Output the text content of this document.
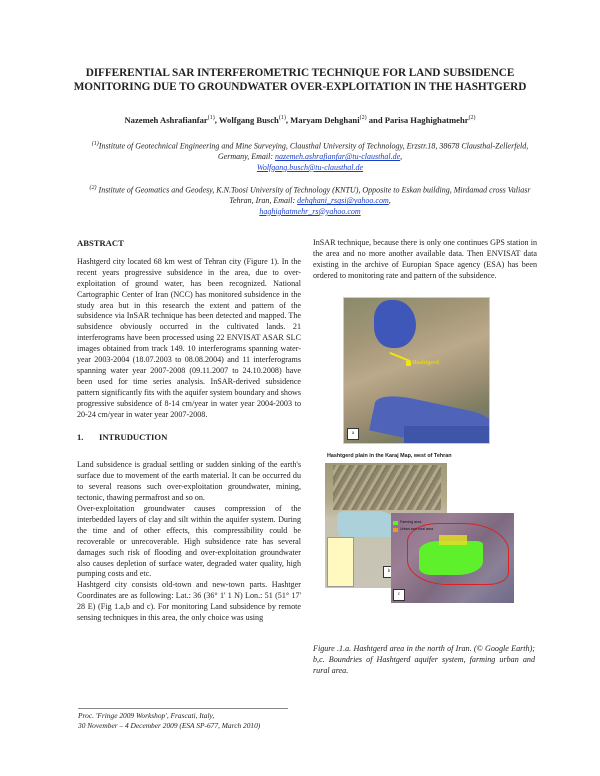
DIFFERENTIAL SAR INTERFEROMETRIC TECHNIQUE FOR LAND SUBSIDENCE MONITORING DUE TO GROUNDWATER OVER-EXPLOITATION IN THE HASHTGERD
Nazemeh Ashrafianfar$^{(1)}$, Wolfgang Busch$^{(1)}$, Maryam Dehghani$^{(2)}$ and Parisa Haghighatmehr$^{(2)}$
$^{(1)}$Institute of Geotechnical Engineering and Mine Surveying, Clausthal University of Technology, Erzstr.18, 38678 Clausthal-Zellerfeld, Germany, Email: nazemeh.ashrafianfar@tu-clausthal.de,
Wolfgang.busch@tu-clausthal.de
$^{(2)}$ Institute of Geomatics and Geodesy, K.N.Toosi University of Technology (KNTU), Opposite to Eskan building, Mirdamad cross Valiasr Tehran, Iran, Email: dehghani_rsgsi@yahoo.com,
haghighatmehr_rs@yahoo.com
ABSTRACT

Hashtgerd city located 68 km west of Tehran city (Figure 1). In the recent years progressive subsidence in the area, due to over-exploitation of ground water, has been recognized. National Cartographic Center of Iran (NCC) has monitored subsidence in the study area but in this research the extent and pattern of the subsidence via InSAR technique has been detected and mapped. The subsidence obviously occurred in the cultivated lands. 21 interferograms have been processed using 22 ENVISAT ASAR SLC images obtained from track 149. 10 interferograms spanning water-year 2003-2004 (18.07.2003 to 08.08.2004) and 11 interferograms spanning water year 2007-2008 (09.11.2007 to 24.10.2008) have been used for time series analysis. InSAR-derived subsidence pattern significantly fits with the aquifer system boundary and shows progressive subsidence of 8-14 cm/year in water year 2004-2003 to 20-24 cm/year in water year 2007-2008.

1. INTRUDUCTION

Land subsidence is gradual settling or sudden sinking of the earth's surface due to movement of the earth material. It can be occurred du to several reasons such over-exploitation groundwater, mining, tectonic, thawing permafrost and so on.

Over-exploitation groundwater causes compression of the interbedded layers of clay and silt within the aquifer system. During the time and of other effects, this compressibility could be recoverable or unrecoverable. High subsidence rate has several damages such risk of flooding and over-exploitation groundwater also causes depletion of surface water, degraded water quality, high pumping costs and etc.

Hashtgerd city consists old-town and new-town parts. Hashtger Coordinates are as following: Lat.: 36 (36° 1' 1 N) Lon.: 51 (51° 17' 28 E) (Fig 1.a,b and c). For monitoring Land subsidence by remote sensing techniques in this area, the only choice was using

InSAR technique, because there is only one continues GPS station in the area and no more another available data. Then ENVISAT data existing in the archive of Europian Space agency (ESA) has been ordered to monitoring rate and pattern of the subsidence.

Hashtgerd
a
Hashtgerd plain in the Karaj Map, west of Tehran
b
Farming area
Urban and rural area
c
Figure .1.a. Hashtgerd area in the north of Iran. (© Google Earth); b,c. Boundries of Hashtgerd aquifer system, farming urban and rural area.
Proc. 'Fringe 2009 Workshop', Frascati, Italy,
30 November – 4 December 2009 (ESA SP-677, March 2010)
